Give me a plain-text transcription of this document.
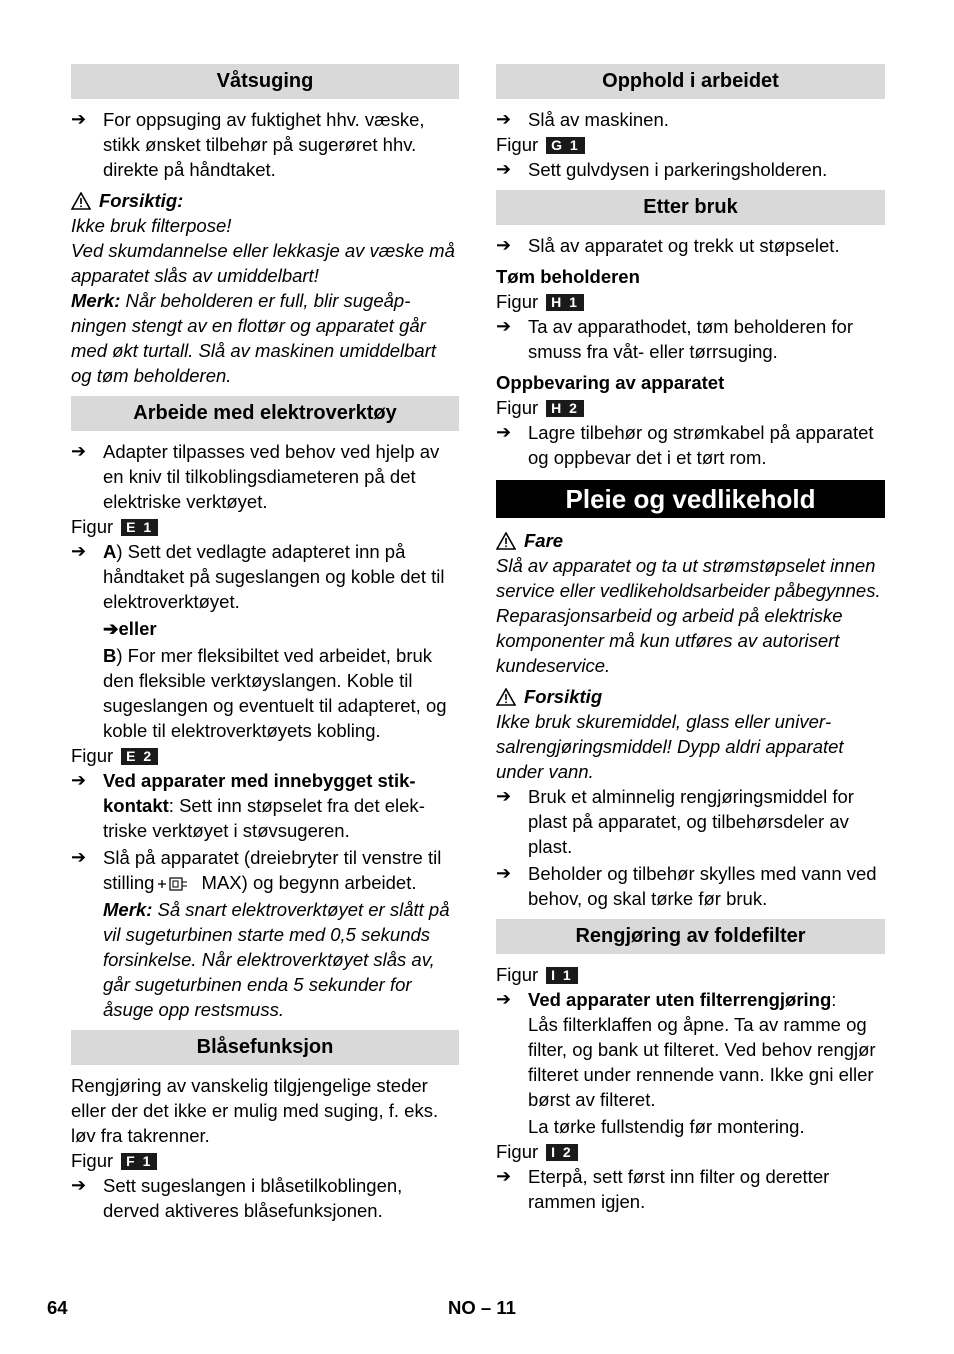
Våtsuging
➔ For oppsuging av fuktighet hhv. væske, stikk ønsket tilbehør på sugerøret hhv. direkte på håndtaket.
Forsiktig:

Ikke bruk filterpose!

Ved skumdannelse eller lekkasje av væske må apparatet slås av umiddelbart!

Merk: Når beholderen er full, blir sugeåpningen stengt av en flottør og apparatet går med økt turtall. Slå av maskinen umiddelbart og tøm beholderen.

Arbeide med elektroverktøy
➔ Adapter tilpasses ved behov ved hjelp av en kniv til tilkoblingsdiameteren på det elektriske verktøyet.

Figur E 1

➔ A) Sett det vedlagte adapteret inn på håndtaket på sugeslangen og koble det til elektroverktøyet.
➔eller
B) For mer fleksibiltet ved arbeidet, bruk den fleksible verktøyslangen. Koble til sugeslangen og eventuelt til adapteret, og koble til elektroverktøyets kobling.

Figur E 2

➔ Ved apparater med innebygget stikkontakt: Sett inn støpselet fra det elektriske verktøyet i støvsugeren.
➔ Slå på apparatet (dreiebryter til venstre til stilling MAX) og begynn arbeidet.
Merk: Så snart elektroverktøyet er slått på vil sugeturbinen starte med 0,5 sekunds forsinkelse. Når elektroverktøyet slås av, går sugeturbinen enda 5 sekunder for åsuge opp restsmuss.
Blåsefunksjon

Rengjøring av vanskelig tilgjengelige steder eller der det ikke er mulig med suging, f. eks. løv fra takrenner.

Figur F 1

➔ Sett sugeslangen i blåsetilkoblingen, derved aktiveres blåsefunksjonen.
Opphold i arbeidet
➔ Slå av maskinen.

Figur G 1

➔ Sett gulvdysen i parkeringsholderen.
Etter bruk
➔ Slå av apparatet og trekk ut støpselet.
Tøm beholderen

Figur H 1

➔ Ta av apparathodet, tøm beholderen for smuss fra våt- eller tørrsuging.
Oppbevaring av apparatet

Figur H 2

➔ Lagre tilbehør og strømkabel på apparatet og oppbevar det i et tørt rom.
Pleie og vedlikehold
Fare

Slå av apparatet og ta ut strømstøpselet innen service eller vedlikeholdsarbeider påbegynnes.

Reparasjonsarbeid og arbeid på elektriske komponenter må kun utføres av autorisert kundeservice.

Forsiktig

Ikke bruk skuremiddel, glass eller universalrengjøringsmiddel! Dypp aldri apparatet under vann.

➔ Bruk et alminnelig rengjøringsmiddel for plast på apparatet, og tilbehørsdeler av plast.
➔ Beholder og tilbehør skylles med vann ved behov, og skal tørke før bruk.
Rengjøring av foldefilter

Figur I 1

➔ Ved apparater uten filterrengjøring:
Lås filterklaffen og åpne. Ta av ramme og filter, og bank ut filteret. Ved behov rengjør filteret under rennende vann. Ikke gni eller børst av filteret.
La tørke fullstendig før montering.

Figur I 2

➔ Eterpå, sett først inn filter og deretter rammen igjen.
64	NO – 11
